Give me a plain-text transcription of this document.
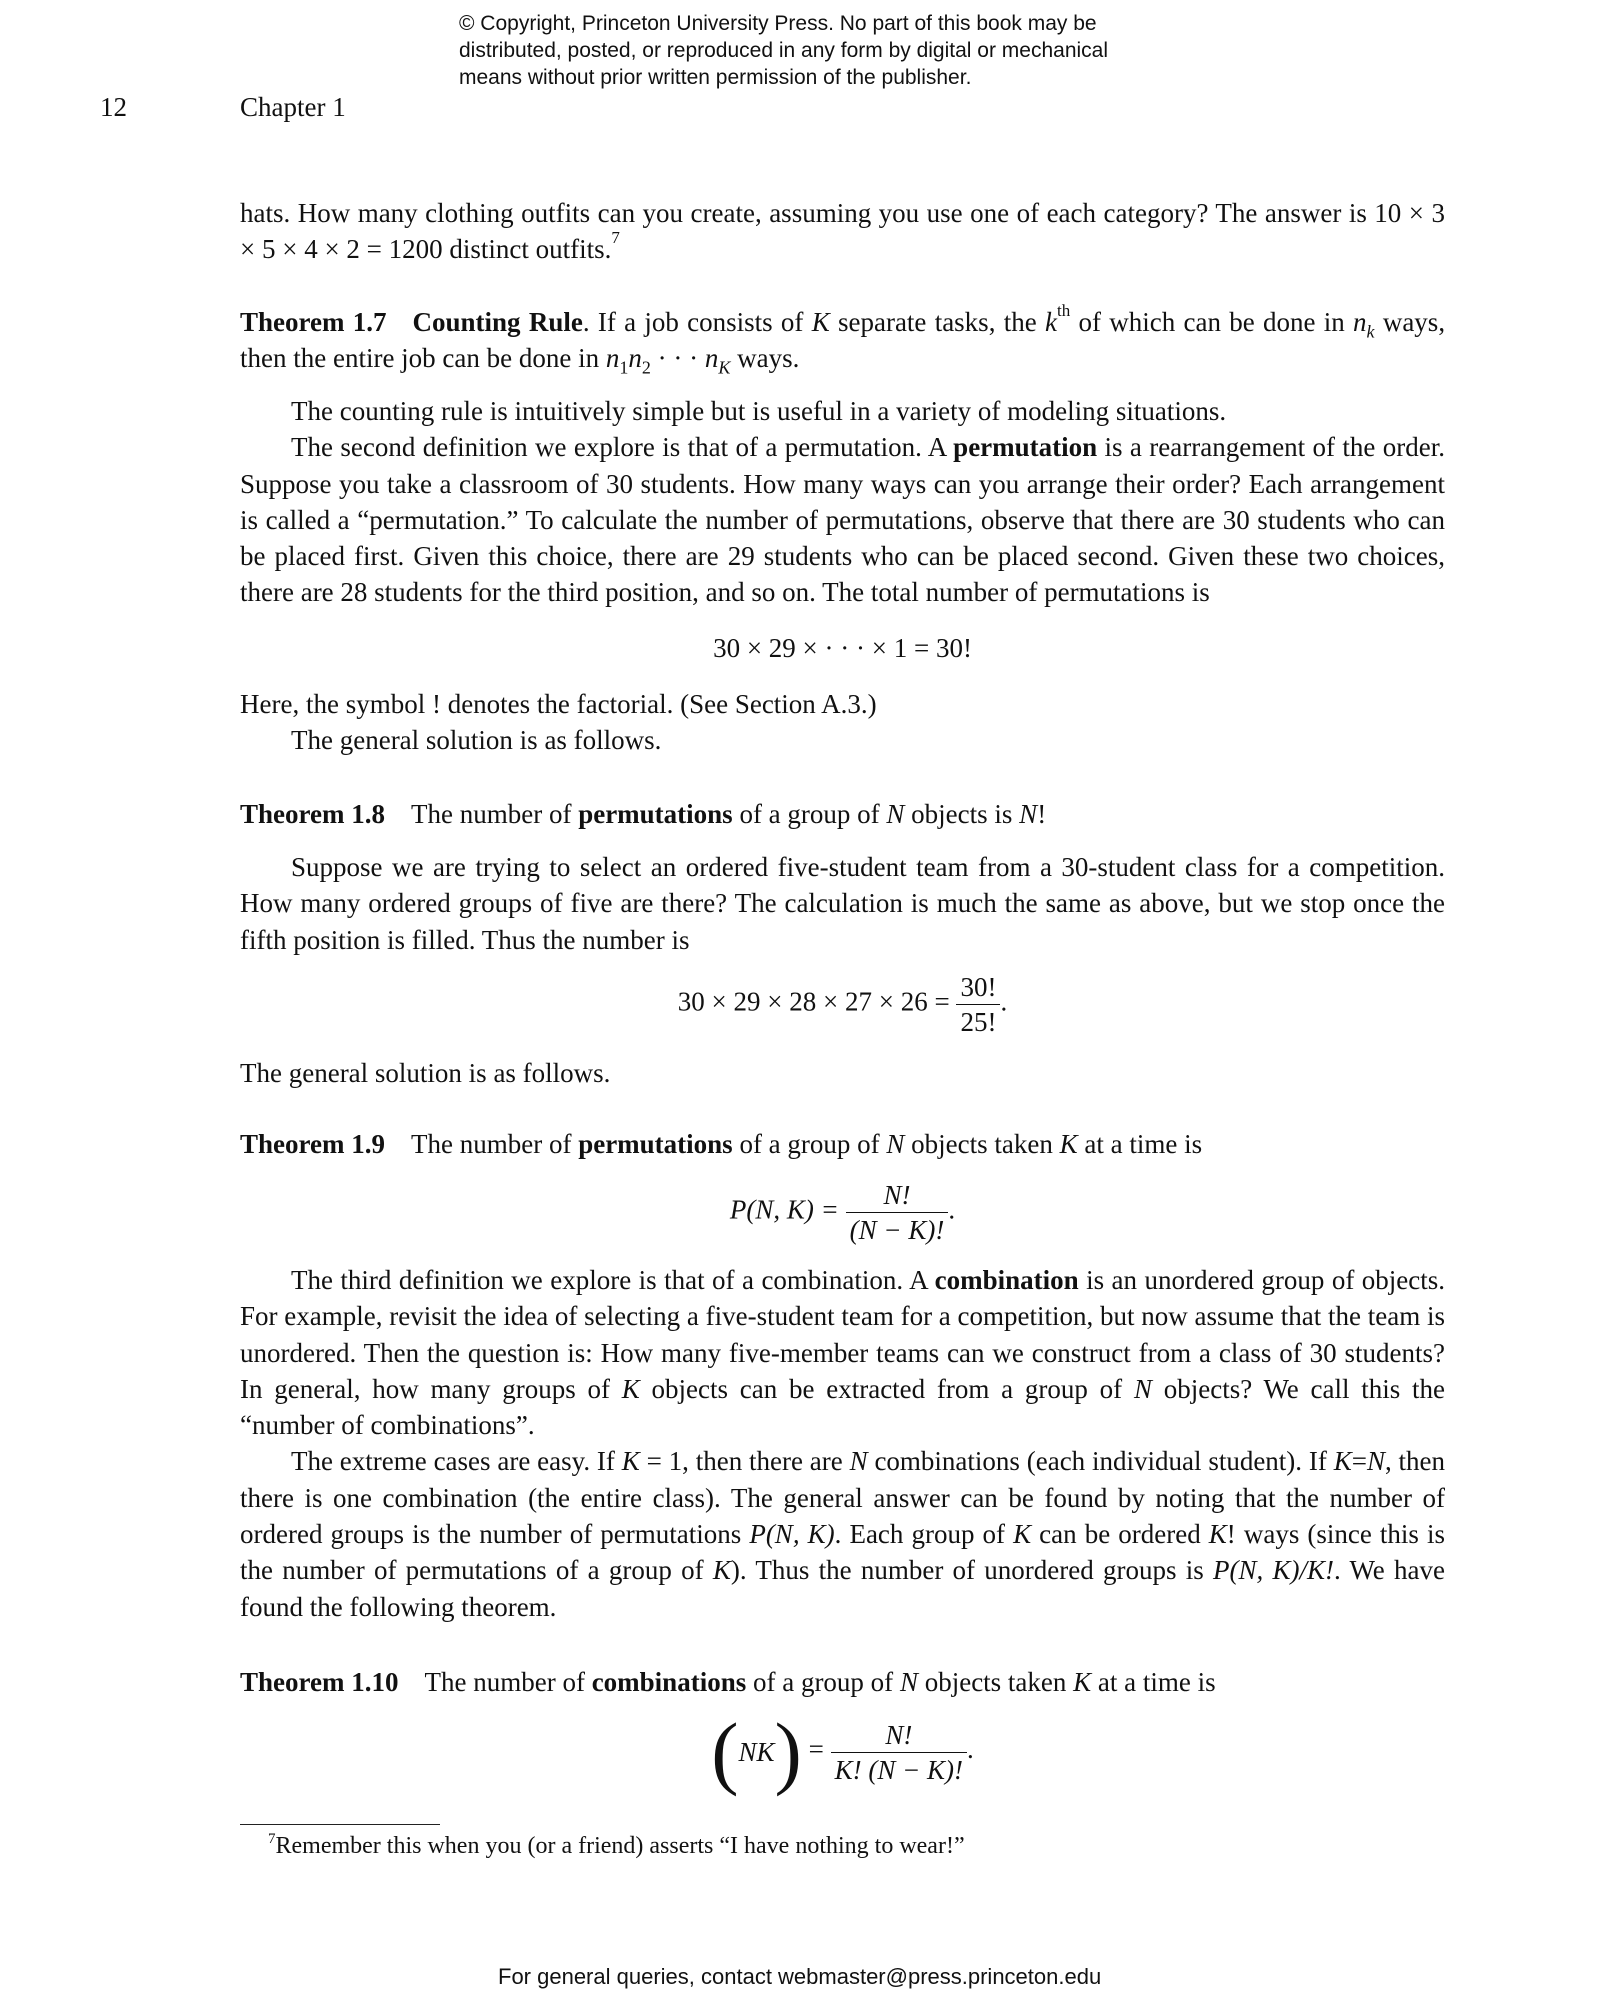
© Copyright, Princeton University Press. No part of this book may be
distributed, posted, or reproduced in any form by digital or mechanical
means without prior written permission of the publisher.
12	Chapter 1

hats. How many clothing outfits can you create, assuming you use one of each category? The answer is 10 × 3 × 5 × 4 × 2 = 1200 distinct outfits.$^7$

Theorem 1.7 Counting Rule. If a job consists of K separate tasks, the $k^{th}$ of which can be done in $n_k$ ways, then the entire job can be done in $n_1n_2$ · · · $n_K$ ways.

The counting rule is intuitively simple but is useful in a variety of modeling situations.

The second definition we explore is that of a permutation. A permutation is a rearrangement of the order. Suppose you take a classroom of 30 students. How many ways can you arrange their order? Each arrangement is called a “permutation.” To calculate the number of permutations, observe that there are 30 students who can be placed first. Given this choice, there are 29 students who can be placed second. Given these two choices, there are 28 students for the third position, and so on. The total number of permutations is

30 × 29 × · · · × 1 = 30!

Here, the symbol ! denotes the factorial. (See Section A.3.)

The general solution is as follows.

Theorem 1.8 The number of permutations of a group of N objects is N!

Suppose we are trying to select an ordered five-student team from a 30-student class for a competition. How many ordered groups of five are there? The calculation is much the same as above, but we stop once the fifth position is filled. Thus the number is

$30 \times 29 \times 28 \times 27 \times 26 = \frac{30!}{25!}$ .

The general solution is as follows.

Theorem 1.9 The number of permutations of a group of N objects taken K at a time is

P(N, $K) = \frac{N!}{(N - K)!}$ .

The third definition we explore is that of a combination. A combination is an unordered group of objects. For example, revisit the idea of selecting a five-student team for a competition, but now assume that the team is unordered. Then the question is: How many five-member teams can we construct from a class of 30 students? In general, how many groups of K objects can be extracted from a group of N objects? We call this the “number of combinations”.

The extreme cases are easy. If K = 1, then there are N combinations (each individual student). If K=N, then there is one combination (the entire class). The general answer can be found by noting that the number of ordered groups is the number of permutations P(N, K). Each group of K can be ordered K! ways (since this is the number of permutations of a group of K). Thus the number of unordered groups is P(N, K)/K!. We have found the following theorem.

Theorem 1.10 The number of combinations of a group of N objects taken K at a time is

$(NK) = \frac{N!}{K! (N - K)!}$ .
$^7$Remember this when you (or a friend) asserts “I have nothing to wear!”
For general queries, contact webmaster@press.princeton.edu
